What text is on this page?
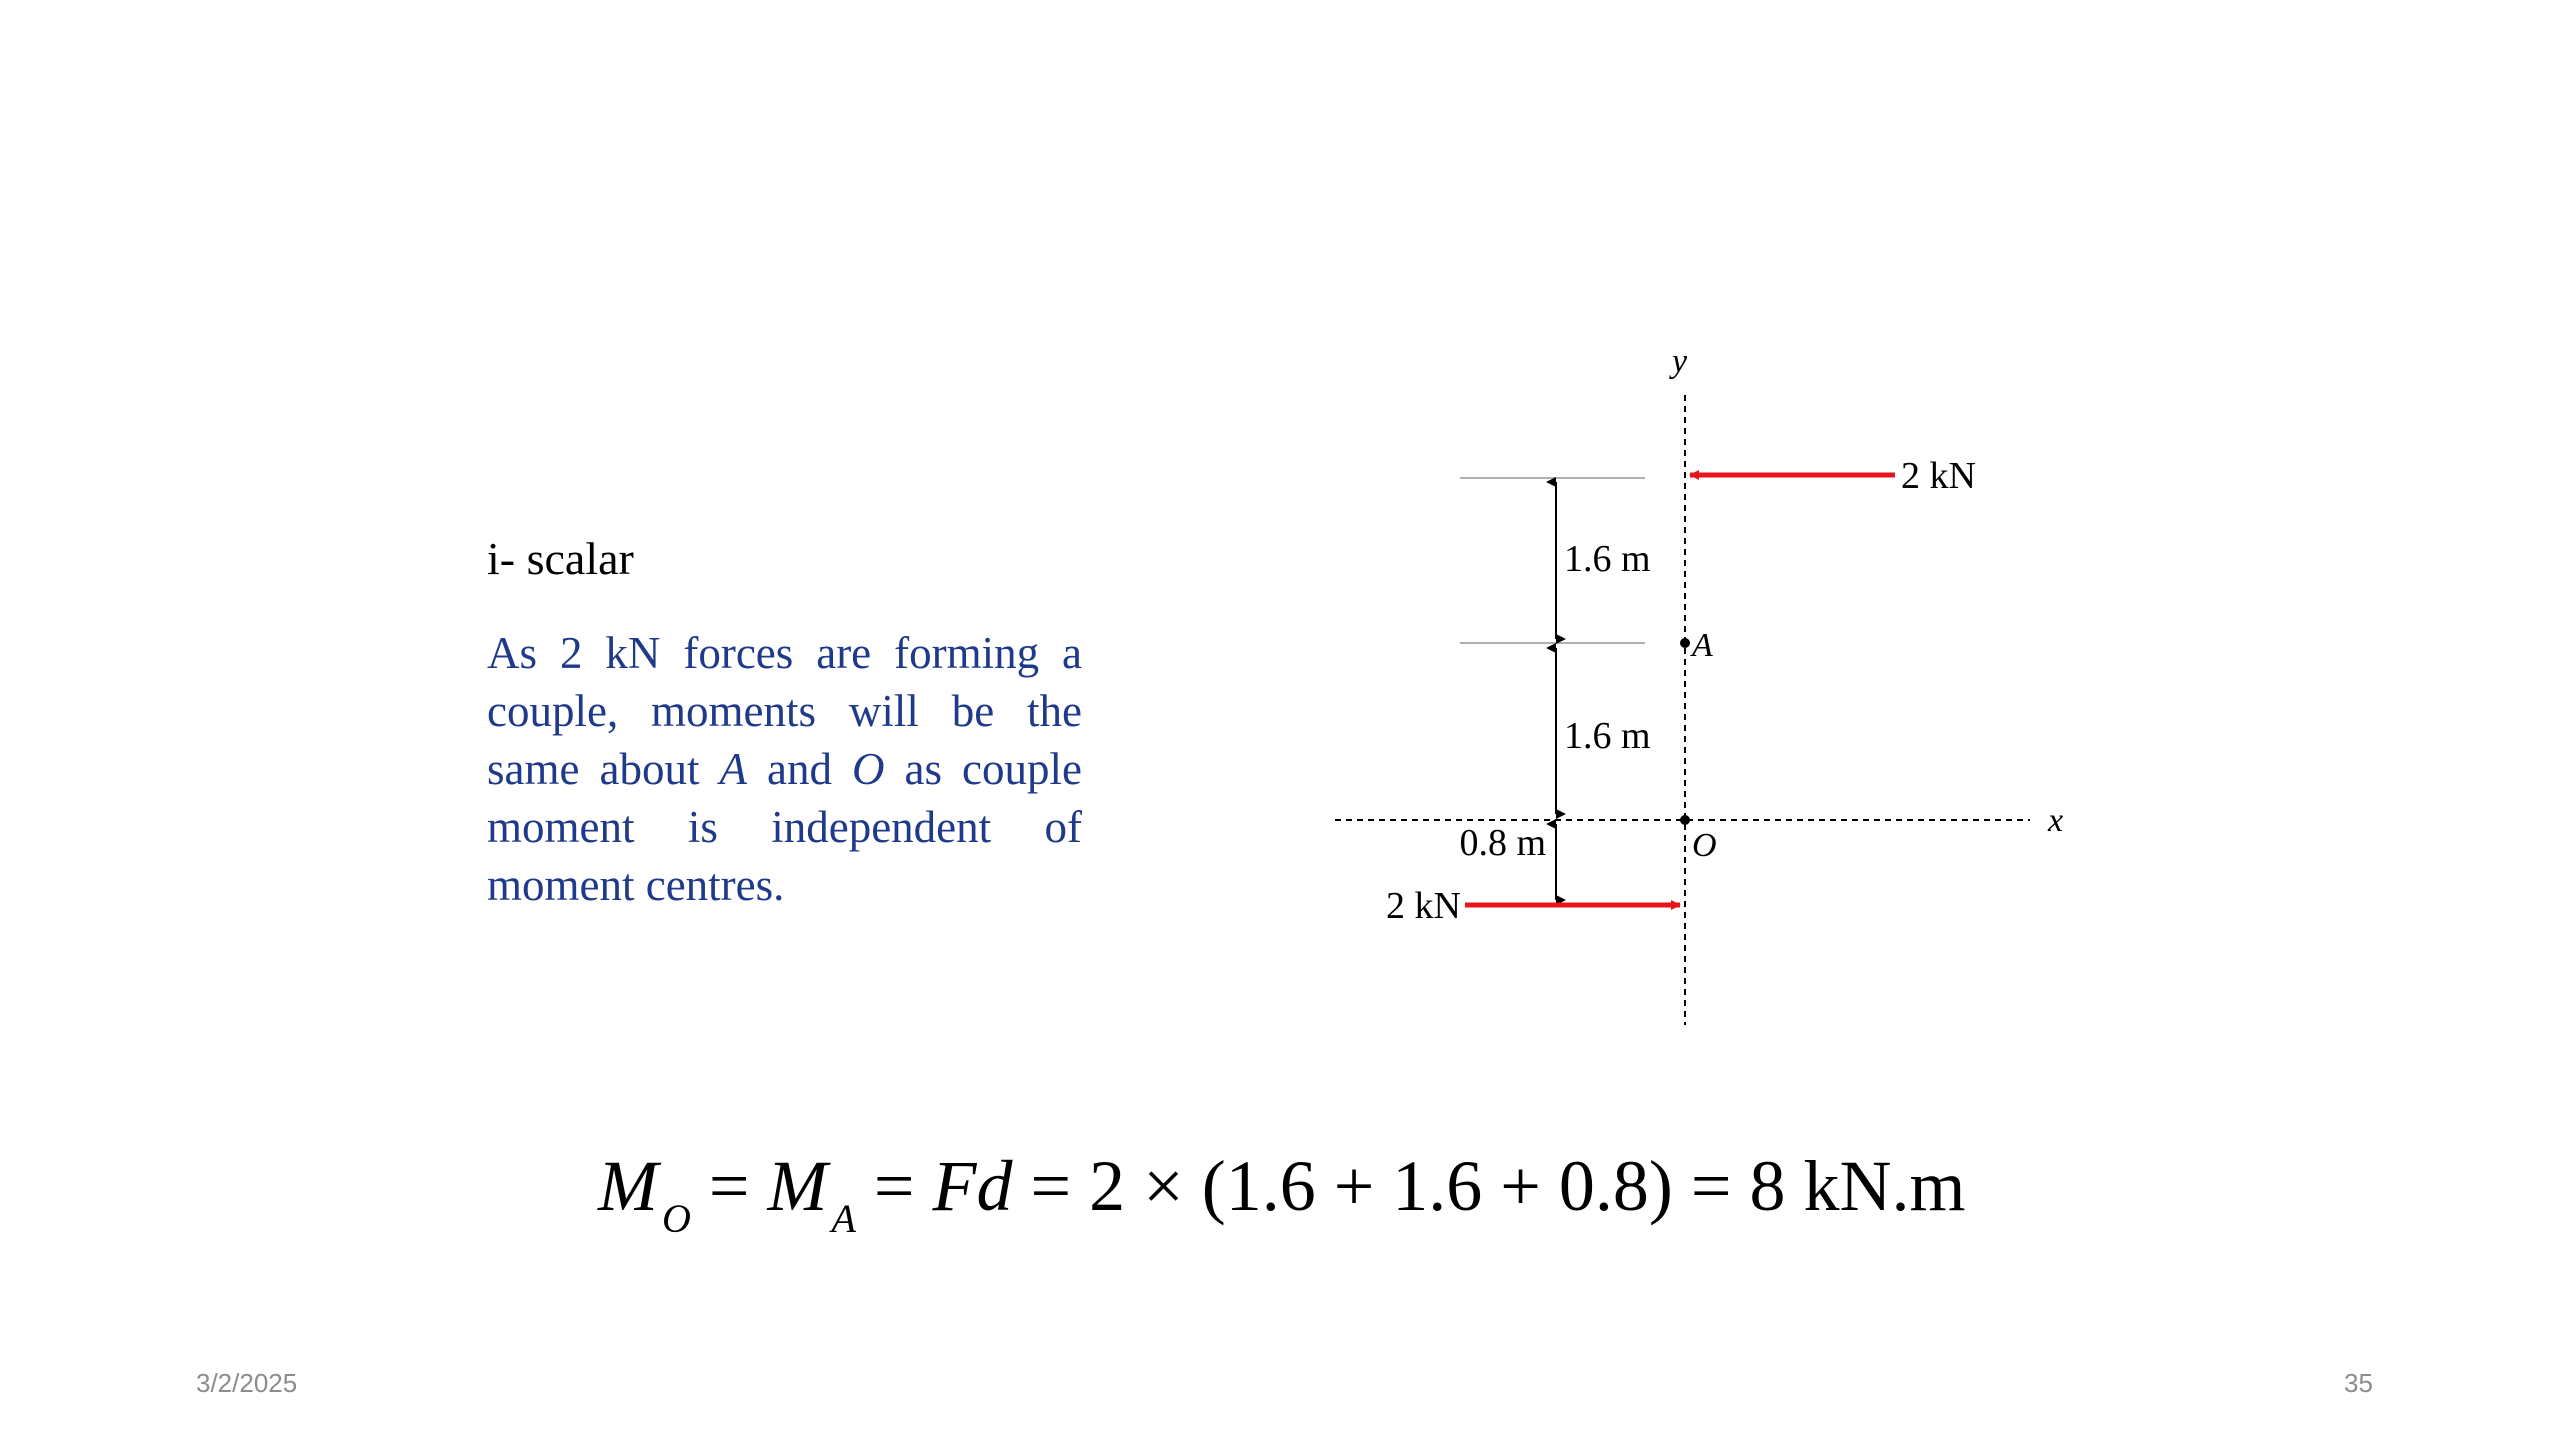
i- scalar
As 2 kN forces are forming a couple, moments will be the same about A and O as couple moment is independent of moment centres.
y
x
1.6 m
1.6 m
0.8 m
A
O
2 kN
2 kN
M $_O$ = M $_A$ = Fd = 2 × (1.6 + 1.6 + 0.8) = 8 kN.m
3/2/2025	35
